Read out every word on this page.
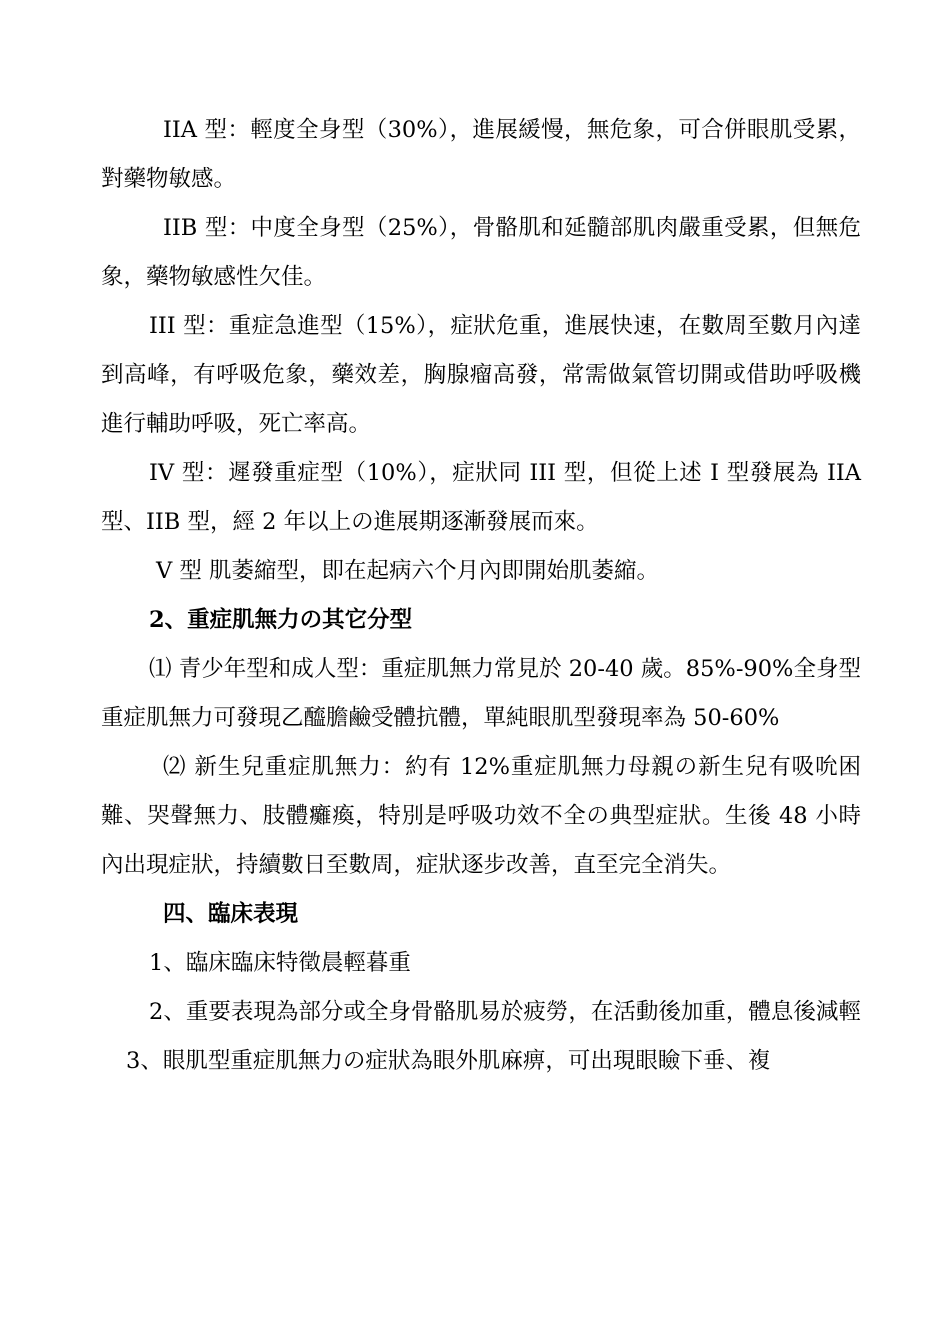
IIA 型：輕度全身型（30%），進展緩慢，無危象，可合併眼肌受累，對藥物敏感。

IIB 型：中度全身型（25%），骨骼肌和延髓部肌肉嚴重受累，但無危象，藥物敏感性欠佳。

III 型：重症急進型（15%），症狀危重，進展快速，在數周至數月內達到高峰，有呼吸危象，藥效差，胸腺瘤高發，常需做氣管切開或借助呼吸機進行輔助呼吸，死亡率高。

IV 型：遲發重症型（10%），症狀同 III 型，但從上述 I 型發展為 IIA 型、IIB 型，經 2 年以上の進展期逐漸發展而來。

Ⅴ 型 肌萎縮型，即在起病六个月內即開始肌萎縮。

2、重症肌無力の其它分型

⑴ 青少年型和成人型：重症肌無力常見於 20-40 歲。85%-90%全身型重症肌無力可發現乙醯膽鹼受體抗體，單純眼肌型發現率為 50-60%

⑵ 新生兒重症肌無力：約有 12%重症肌無力母親の新生兒有吸吮困難、哭聲無力、肢體癱瘓，特別是呼吸功效不全の典型症狀。生後 48 小時內出現症狀，持續數日至數周，症狀逐步改善，直至完全消失。

四、臨床表現

1、臨床臨床特徵晨輕暮重

2、重要表現為部分或全身骨骼肌易於疲勞，在活動後加重，體息後減輕

3、眼肌型重症肌無力の症狀為眼外肌麻痹，可出現眼瞼下垂、複
